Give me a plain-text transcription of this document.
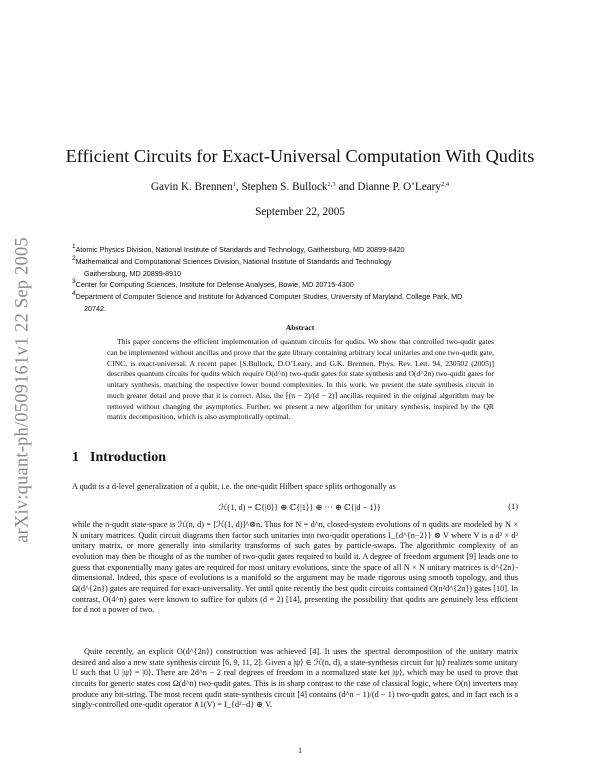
arXiv:quant-ph/0509161v1 22 Sep 2005
Efficient Circuits for Exact-Universal Computation With Qudits
Gavin K. Brennen$^1$, Stephen S. Bullock$^{2,3}$ and Dianne P. O’Leary$^{2,4}$
September 22, 2005
$^1$Atomic Physics Division, National Institute of Standards and Technology, Gaithersburg, MD 20899-8420
$^2$Mathematical and Computational Sciences Division, National Institute of Standards and Technology
Gaithersburg, MD 20899-8910
$^3$Center for Computing Sciences, Institute for Defense Analyses, Bowie, MD 20715-4300
$^4$Department of Computer Science and Institute for Advanced Computer Studies, University of Maryland, College Park, MD
20742.
Abstract
This paper concerns the efficient implementation of quantum circuits for qudits. We show that controlled two-qudit gates can be implemented without ancillas and prove that the gate library containing arbitrary local unitaries and one two-qudit gate, CINC, is exact-universal. A recent paper [S.Bullock, D.O’Leary, and G.K. Brennen, Phys. Rev. Lett. 94, 230502 (2005)] describes quantum circuits for qudits which require O(d^n) two-qudit gates for state synthesis and O(d^2n) two-qudit gates for unitary synthesis, matching the respective lower bound complexities. In this work, we present the state synthesis circuit in much greater detail and prove that it is correct. Also, the ⌈(n − 2)/(d − 2)⌉ ancillas required in the original algorithm may be removed without changing the asymptotics. Further, we present a new algorithm for unitary synthesis, inspired by the QR matrix decomposition, which is also asymptotically optimal.
1 Introduction
A qudit is a d-level generalization of a qubit, i.e. the one-qudit Hilbert space splits orthogonally as
ℋ(1, d) = ℂ{|0⟩} ⊕ ℂ{|1⟩} ⊕ ··· ⊕ ℂ{|d − 1⟩}	(1)
while the n-qudit state-space is ℋ(n, d) = [ℋ(1, d)]^⊗n. Thus for N = d^n, closed-system evolutions of n qudits are modeled by N × N unitary matrices. Qudit circuit diagrams then factor such unitaries into two-qudit operations I_{d^{n−2}} ⊗ V where V is a d² × d² unitary matrix, or more generally into similarity transforms of such gates by particle-swaps. The algorithmic complexity of an evolution may then be thought of as the number of two-qudit gates required to build it. A degree of freedom argument [9] leads one to guess that exponentially many gates are required for most unitary evolutions, since the space of all N × N unitary matrices is d^{2n}-dimensional. Indeed, this space of evolutions is a manifold so the argument may be made rigorous using smooth topology, and thus Ω(d^{2n}) gates are required for exact-universality. Yet until quite recently the best qudit circuits contained O(n²d^{2n}) gates [10]. In contrast, O(4^n) gates were known to suffice for qubits (d = 2) [14], presenting the possibility that qudits are genuinely less efficient for d not a power of two.
Quite recently, an explicit O(d^{2n}) construction was achieved [4]. It uses the spectral decomposition of the unitary matrix desired and also a new state synthesis circuit [6, 9, 11, 2]. Given a |ψ⟩ ∈ ℋ(n, d), a state-synthesis circuit for |ψ⟩ realizes some unitary U such that U |ψ⟩ = |0⟩. There are 2d^n − 2 real degrees of freedom in a normalized state ket |ψ⟩, which may be used to prove that circuits for generic states cost Ω(d^n) two-qudit gates. This is in sharp contrast to the case of classical logic, where O(n) inverters may produce any bit-string. The most recent qudit state-synthesis circuit [4] contains (d^n − 1)/(d − 1) two-qudit gates, and in fact each is a singly-controlled one-qudit operator ∧1(V) = I_{d²−d} ⊕ V.
1
